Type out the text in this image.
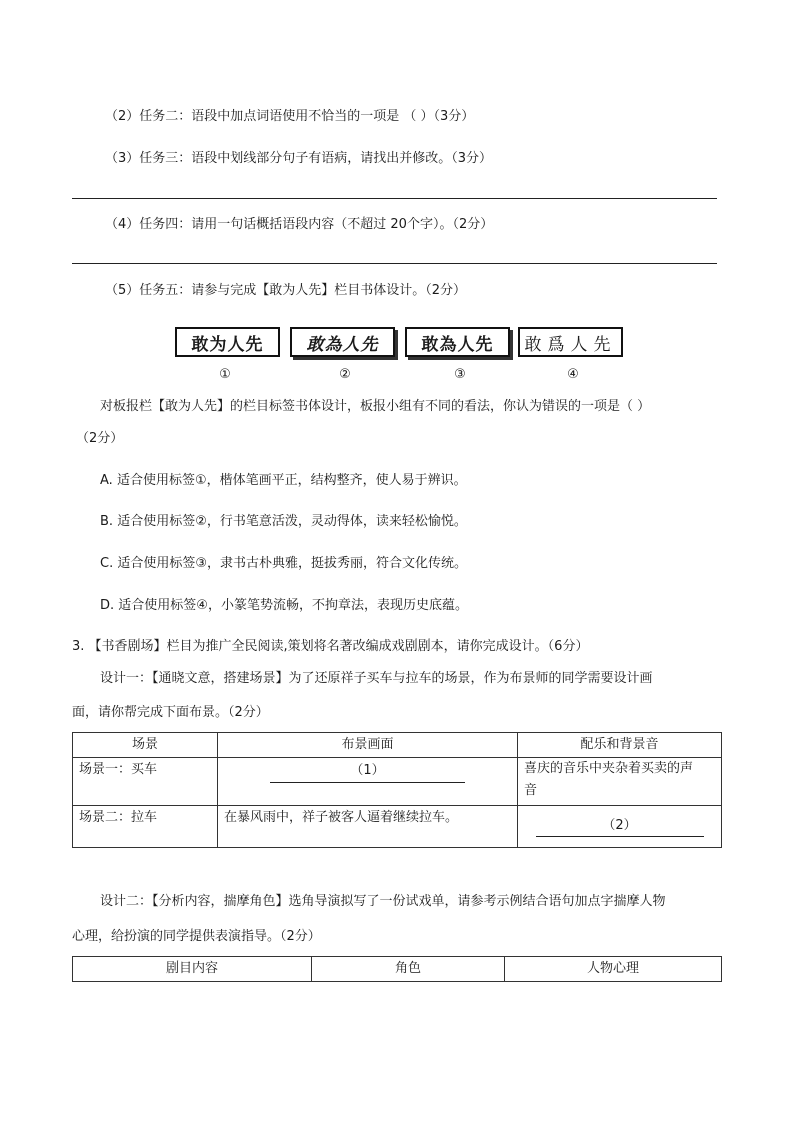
（2）任务二：语段中加点词语使用不恰当的一项是 （ ）（3分）
（3）任务三：语段中划线部分句子有语病，请找出并修改。（3分）
（4）任务四：请用一句话概括语段内容（不超过 20个字）。（2分）
（5）任务五：请参与完成【敢为人先】栏目书体设计。（2分）
敢为人先	敢為人先	敢為人先	敢爲人先
①	②	③	④
对板报栏【敢为人先】的栏目标签书体设计，板报小组有不同的看法，你认为错误的一项是（ ）
（2分）
A. 适合使用标签①，楷体笔画平正，结构整齐，使人易于辨识。
B. 适合使用标签②，行书笔意活泼，灵动得体，读来轻松愉悦。
C. 适合使用标签③，隶书古朴典雅，挺拔秀丽，符合文化传统。
D. 适合使用标签④，小篆笔势流畅，不拘章法，表现历史底蕴。
3. 【书香剧场】栏目为推广全民阅读,策划将名著改编成戏剧剧本，请你完成设计。（6分）
设计一：【通晓文意，搭建场景】为了还原祥子买车与拉车的场景，作为布景师的同学需要设计画
面，请你帮完成下面布景。（2分）
场景	布景画面	配乐和背景音
场景一：买车	（1）	喜庆的音乐中夹杂着买卖的声
音

场景二：拉车	在暴风雨中，祥子被客人逼着继续拉车。	（2）
设计二：【分析内容，揣摩角色】选角导演拟写了一份试戏单，请参考示例结合语句加点字揣摩人物
心理，给扮演的同学提供表演指导。（2分）
剧目内容	角色	人物心理
